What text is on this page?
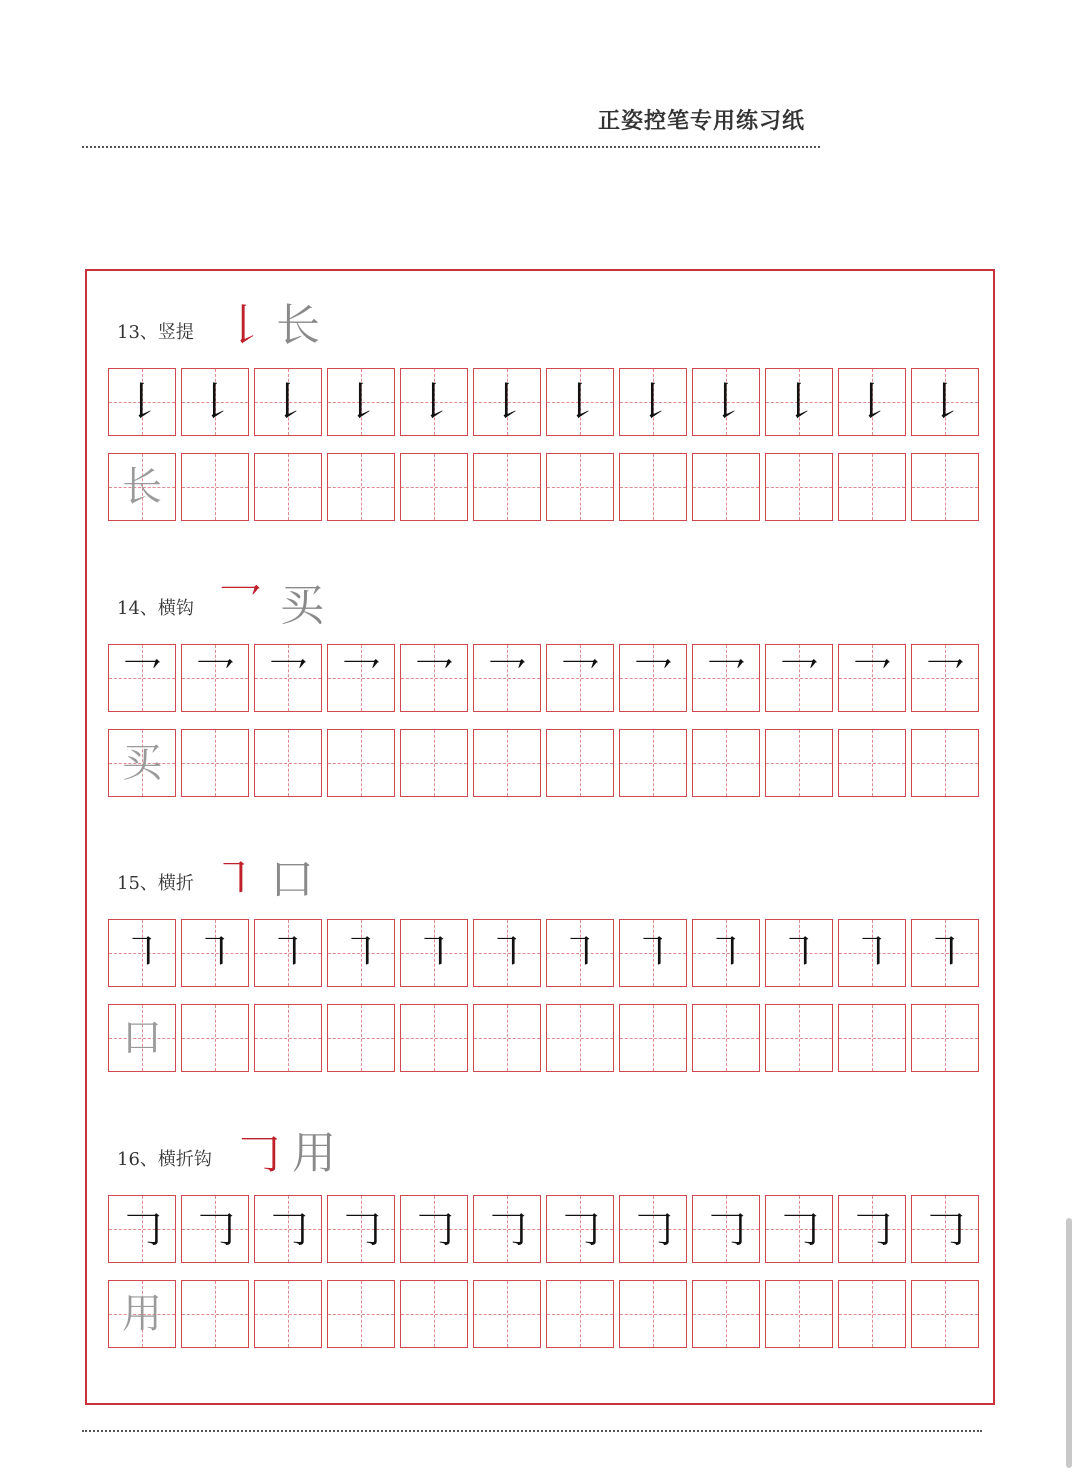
正姿控笔专用练习纸
13、竖提 𠄌 长
𠄌 𠄌 𠄌 𠄌 𠄌 𠄌 𠄌 𠄌 𠄌 𠄌 𠄌 𠄌
长
14、横钩 乛 买
乛 乛 乛 乛 乛 乛 乛 乛 乛 乛 乛 乛
买
15、横折 ㇕ 口
㇕ ㇕ ㇕ ㇕ ㇕ ㇕ ㇕ ㇕ ㇕ ㇕ ㇕ ㇕
口
16、横折钩 𠃌 用
𠃌 𠃌 𠃌 𠃌 𠃌 𠃌 𠃌 𠃌 𠃌 𠃌 𠃌 𠃌
用
